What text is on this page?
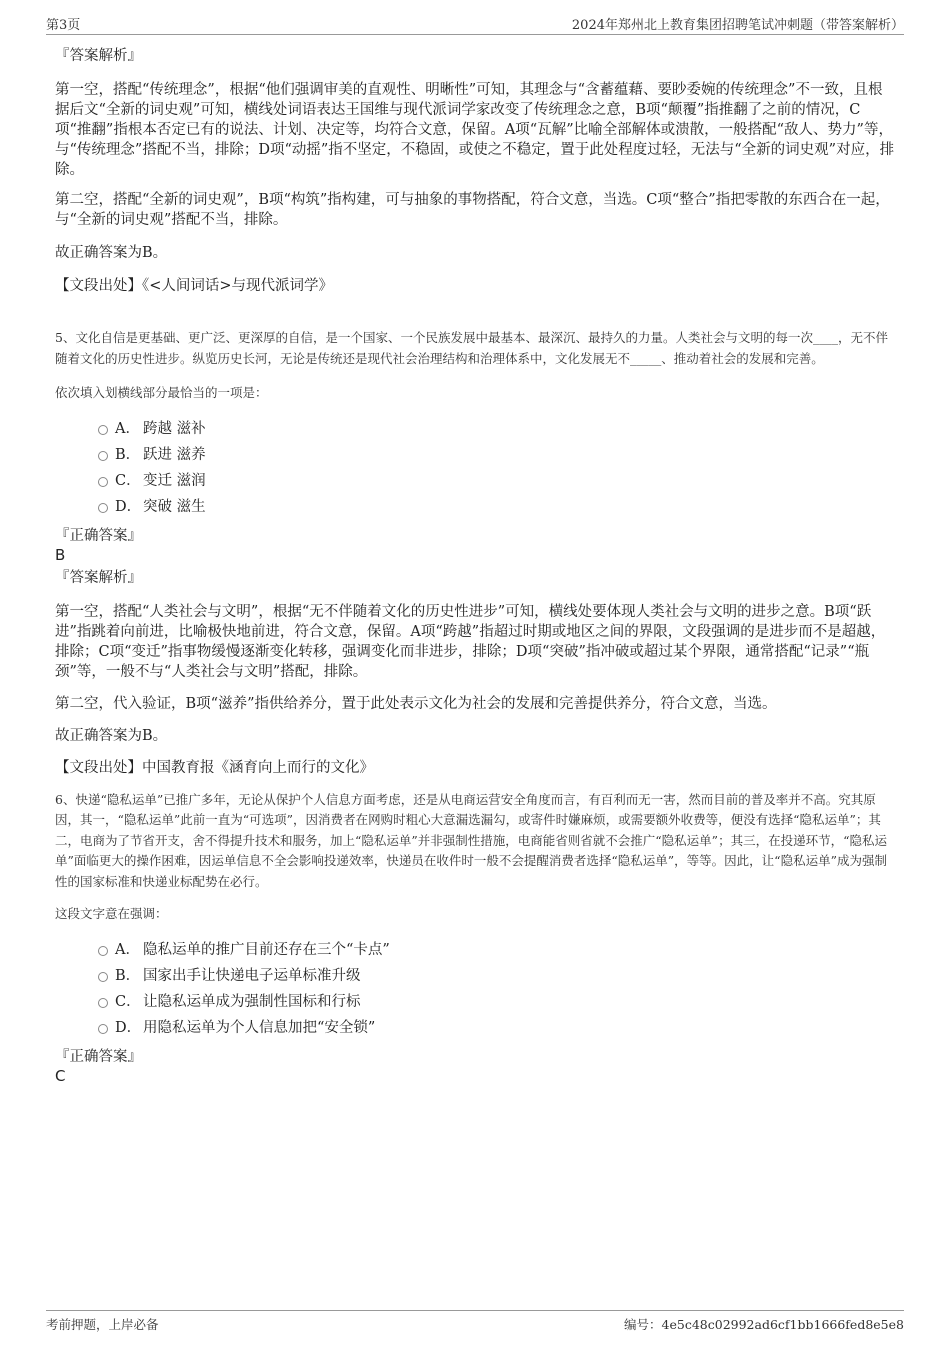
第3页	2024年郑州北上教育集团招聘笔试冲刺题（带答案解析）

『答案解析』

第一空，搭配“传统理念”，根据“他们强调审美的直观性、明晰性”可知，其理念与“含蓄蕴藉、要眇委婉的传统理念”不一致，且根据后文“全新的词史观”可知，横线处词语表达王国维与现代派词学家改变了传统理念之意，B项“颠覆”指推翻了之前的情况，C项“推翻”指根本否定已有的说法、计划、决定等，均符合文意，保留。A项“瓦解”比喻全部解体或溃散，一般搭配“敌人、势力”等，与“传统理念”搭配不当，排除；D项“动摇”指不坚定，不稳固，或使之不稳定，置于此处程度过轻，无法与“全新的词史观”对应，排除。

第二空，搭配“全新的词史观”，B项“构筑”指构建，可与抽象的事物搭配，符合文意，当选。C项“整合”指把零散的东西合在一起，与“全新的词史观”搭配不当，排除。

故正确答案为B。

【文段出处】《<人间词话>与现代派词学》

5、文化自信是更基础、更广泛、更深厚的自信，是一个国家、一个民族发展中最基本、最深沉、最持久的力量。人类社会与文明的每一次____，无不伴随着文化的历史性进步。纵览历史长河，无论是传统还是现代社会治理结构和治理体系中，文化发展无不_____、推动着社会的发展和完善。

依次填入划横线部分最恰当的一项是：

A． 跨越 滋补
B． 跃进 滋养
C． 变迁 滋润
D． 突破 滋生

『正确答案』

B

『答案解析』

第一空，搭配“人类社会与文明”，根据“无不伴随着文化的历史性进步”可知，横线处要体现人类社会与文明的进步之意。B项“跃进”指跳着向前进，比喻极快地前进，符合文意，保留。A项“跨越”指超过时期或地区之间的界限，文段强调的是进步而不是超越，排除；C项“变迁”指事物缓慢逐渐变化转移，强调变化而非进步，排除；D项“突破”指冲破或超过某个界限，通常搭配“记录”“瓶颈”等，一般不与“人类社会与文明”搭配，排除。

第二空，代入验证，B项“滋养”指供给养分，置于此处表示文化为社会的发展和完善提供养分，符合文意，当选。

故正确答案为B。

【文段出处】中国教育报《涵育向上而行的文化》

6、快递“隐私运单”已推广多年，无论从保护个人信息方面考虑，还是从电商运营安全角度而言，有百利而无一害，然而目前的普及率并不高。究其原因，其一，“隐私运单”此前一直为“可选项”，因消费者在网购时粗心大意漏选漏勾，或寄件时嫌麻烦，或需要额外收费等，便没有选择“隐私运单”；其二，电商为了节省开支，舍不得提升技术和服务，加上“隐私运单”并非强制性措施，电商能省则省就不会推广“隐私运单”；其三，在投递环节，“隐私运单”面临更大的操作困难，因运单信息不全会影响投递效率，快递员在收件时一般不会提醒消费者选择“隐私运单”，等等。因此，让“隐私运单”成为强制性的国家标准和快递业标配势在必行。

这段文字意在强调：

A． 隐私运单的推广目前还存在三个“卡点”
B． 国家出手让快递电子运单标准升级
C． 让隐私运单成为强制性国标和行标
D． 用隐私运单为个人信息加把“安全锁”

『正确答案』

C

考前押题，上岸必备	编号：4e5c48c02992ad6cf1bb1666fed8e5e8
